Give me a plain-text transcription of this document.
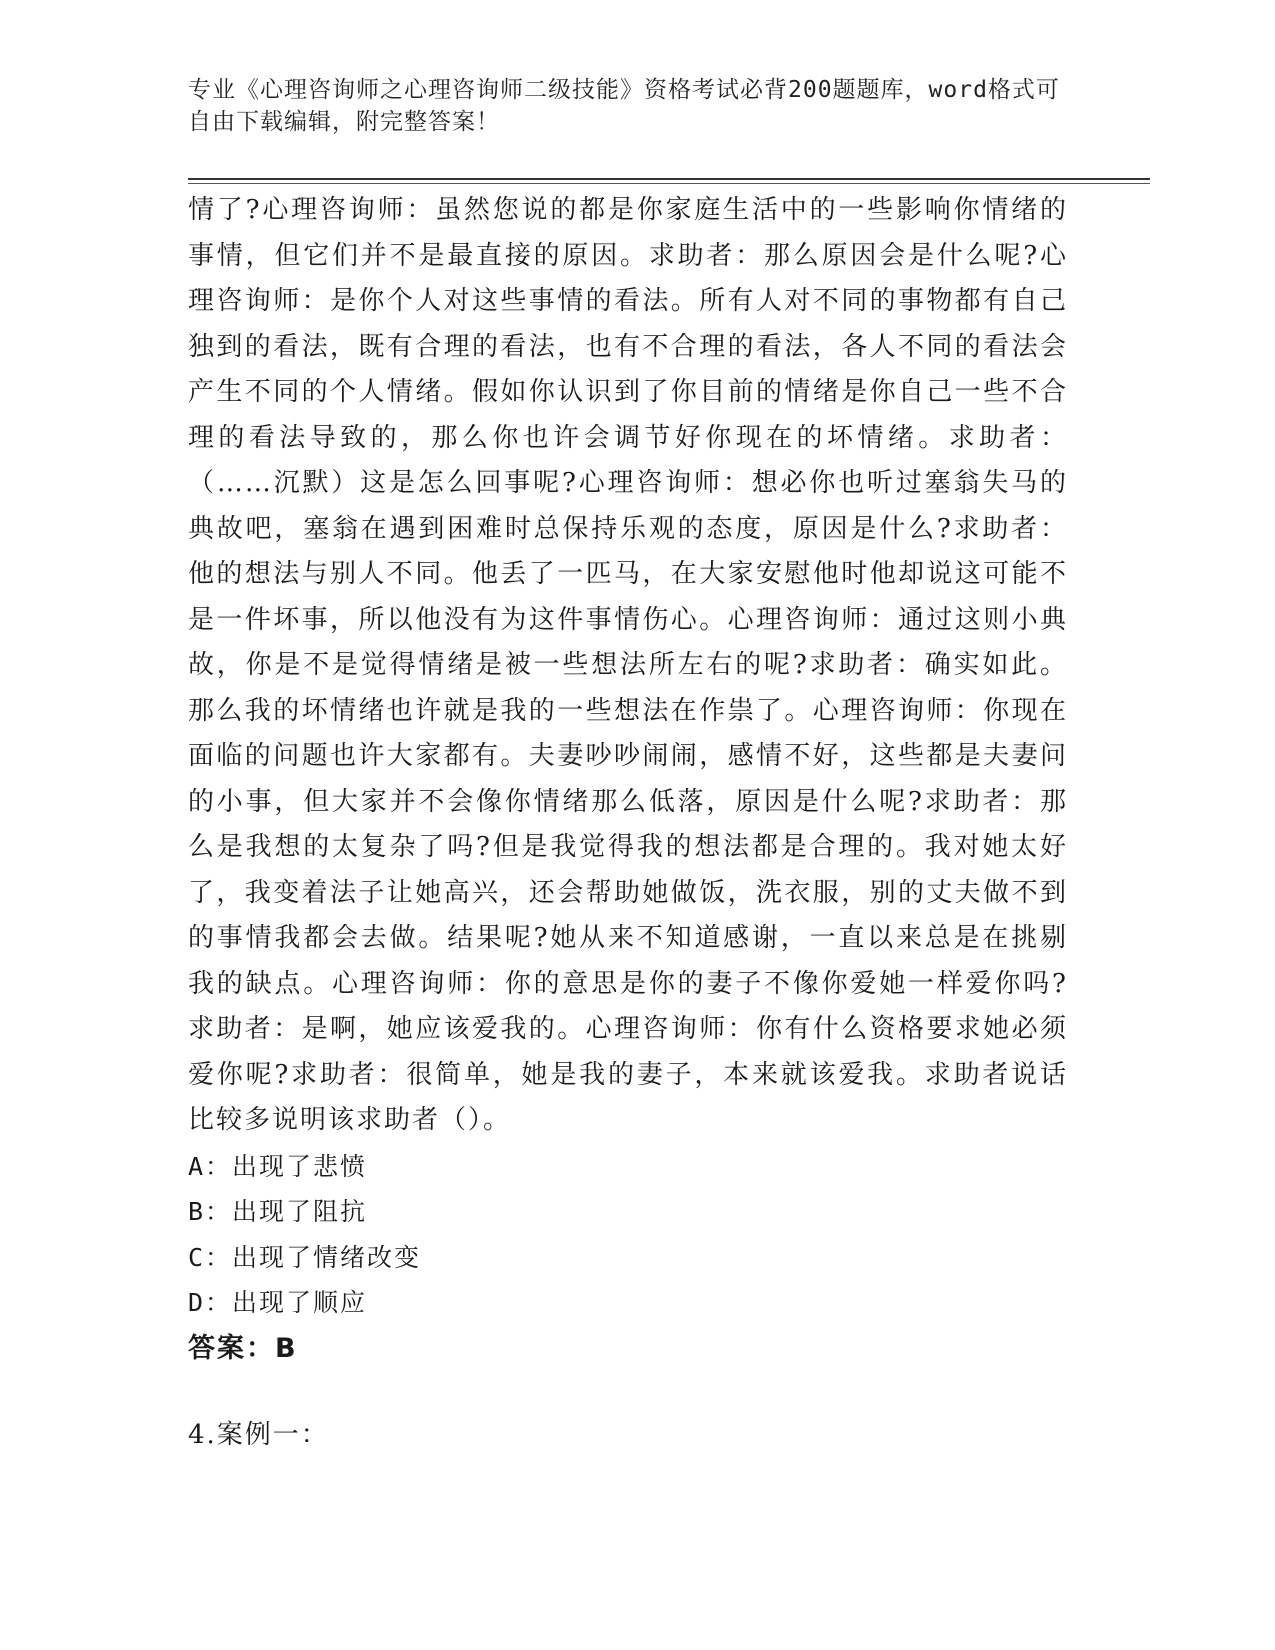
专业《心理咨询师之心理咨询师二级技能》资格考试必背200题题库，word格式可自由下载编辑，附完整答案！

情了?心理咨询师：虽然您说的都是你家庭生活中的一些影响你情绪的事情，但它们并不是最直接的原因。求助者：那么原因会是什么呢?心理咨询师：是你个人对这些事情的看法。所有人对不同的事物都有自己独到的看法，既有合理的看法，也有不合理的看法，各人不同的看法会产生不同的个人情绪。假如你认识到了你目前的情绪是你自己一些不合理的看法导致的，那么你也许会调节好你现在的坏情绪。求助者：（……沉默）这是怎么回事呢?心理咨询师：想必你也听过塞翁失马的典故吧，塞翁在遇到困难时总保持乐观的态度，原因是什么?求助者：他的想法与别人不同。他丢了一匹马，在大家安慰他时他却说这可能不是一件坏事，所以他没有为这件事情伤心。心理咨询师：通过这则小典故，你是不是觉得情绪是被一些想法所左右的呢?求助者：确实如此。那么我的坏情绪也许就是我的一些想法在作祟了。心理咨询师：你现在面临的问题也许大家都有。夫妻吵吵闹闹，感情不好，这些都是夫妻问的小事，但大家并不会像你情绪那么低落，原因是什么呢?求助者：那么是我想的太复杂了吗?但是我觉得我的想法都是合理的。我对她太好了，我变着法子让她高兴，还会帮助她做饭，洗衣服，别的丈夫做不到的事情我都会去做。结果呢?她从来不知道感谢，一直以来总是在挑剔我的缺点。心理咨询师：你的意思是你的妻子不像你爱她一样爱你吗?求助者：是啊，她应该爱我的。心理咨询师：你有什么资格要求她必须爱你呢?求助者：很简单，她是我的妻子，本来就该爱我。求助者说话比较多说明该求助者（）。

A：出现了悲愤

B：出现了阻抗

C：出现了情绪改变

D：出现了顺应

答案：B

4.案例一：
